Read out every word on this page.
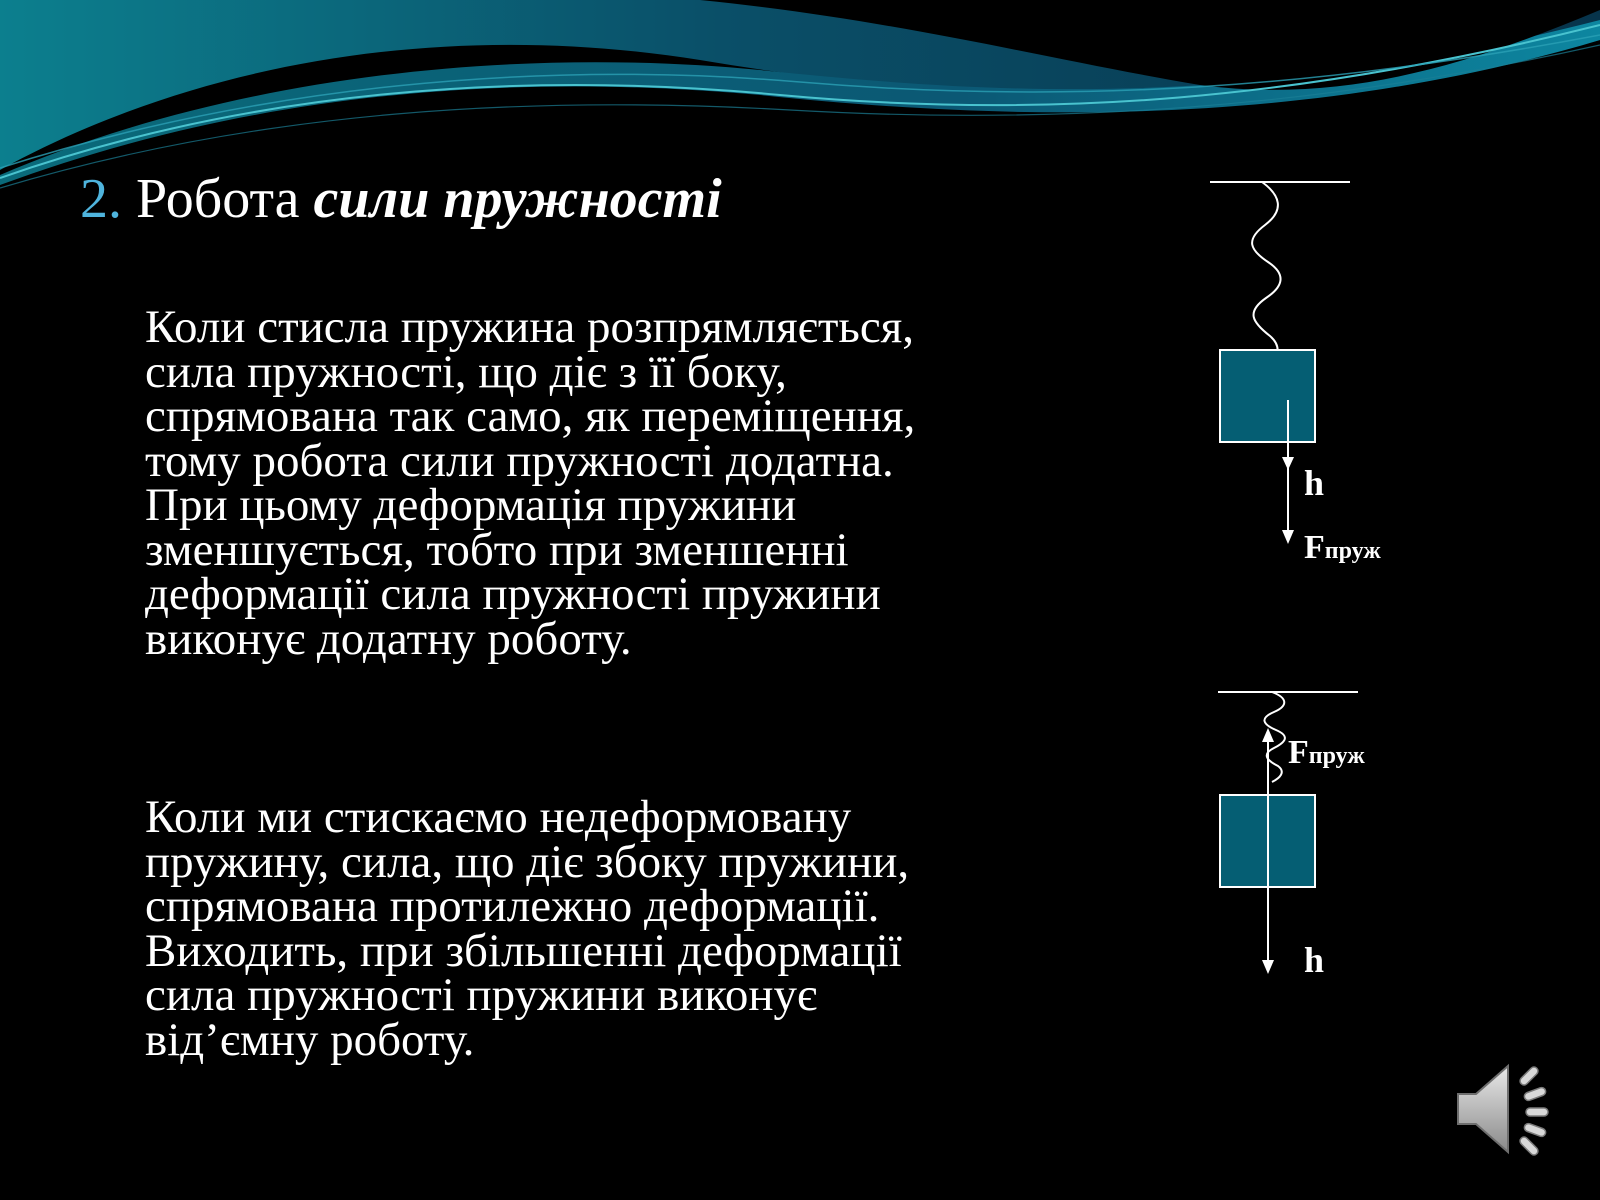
2. Робота сили пружності
Коли стисла пружина розпрямляється,
сила пружності, що діє з її боку,
спрямована так само, як переміщення,
тому робота сили пружності додатна.
При цьому деформація пружини
зменшується, тобто при зменшенні
деформації сила пружності пружини
виконує додатну роботу.
Коли ми стискаємо недеформовану
пружину, сила, що діє збоку пружини,
спрямована протилежно деформації.
Виходить, при збільшенні деформації
сила пружності пружини виконує
від’ємну роботу.
h
Fпруж
Fпруж
h
